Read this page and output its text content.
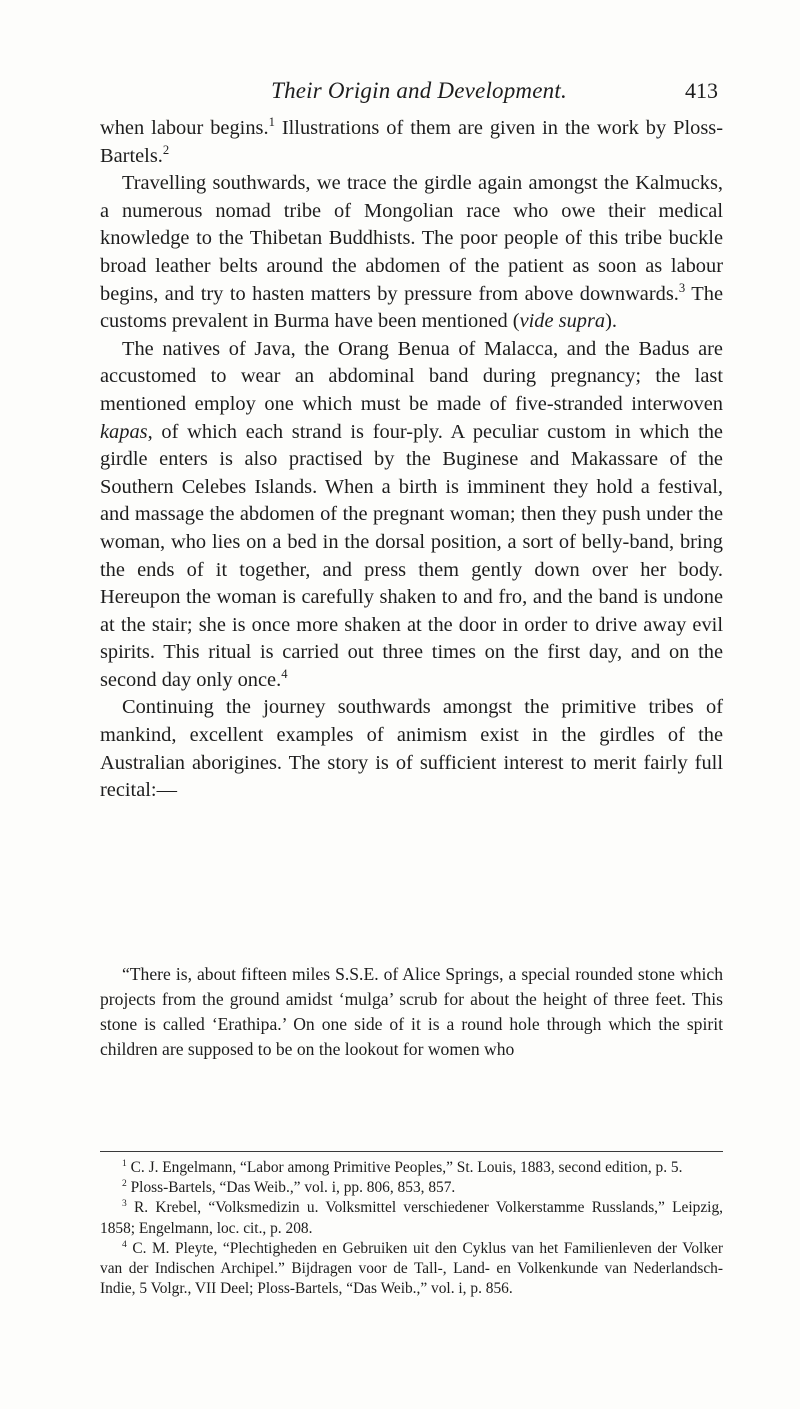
Their Origin and Development.	413

when labour begins.$^1$ Illustrations of them are given in the work by Ploss-Bartels.$^2$

Travelling southwards, we trace the girdle again amongst the Kalmucks, a numerous nomad tribe of Mongolian race who owe their medical knowledge to the Thibetan Buddhists. The poor people of this tribe buckle broad leather belts around the abdomen of the patient as soon as labour begins, and try to hasten matters by pressure from above downwards.$^3$ The customs prevalent in Burma have been mentioned (vide supra).

The natives of Java, the Orang Benua of Malacca, and the Badus are accustomed to wear an abdominal band during pregnancy; the last mentioned employ one which must be made of five-stranded interwoven kapas, of which each strand is four-ply. A peculiar custom in which the girdle enters is also practised by the Buginese and Makassare of the Southern Celebes Islands. When a birth is imminent they hold a festival, and massage the abdomen of the pregnant woman; then they push under the woman, who lies on a bed in the dorsal position, a sort of belly-band, bring the ends of it together, and press them gently down over her body. Hereupon the woman is carefully shaken to and fro, and the band is undone at the stair; she is once more shaken at the door in order to drive away evil spirits. This ritual is carried out three times on the first day, and on the second day only once.$^4$

Continuing the journey southwards amongst the primitive tribes of mankind, excellent examples of animism exist in the girdles of the Australian aborigines. The story is of sufficient interest to merit fairly full recital:—

“There is, about fifteen miles S.S.E. of Alice Springs, a special rounded stone which projects from the ground amidst ‘mulga’ scrub for about the height of three feet. This stone is called ‘Erathipa.’ On one side of it is a round hole through which the spirit children are supposed to be on the lookout for women who

$^1$ C. J. Engelmann, “Labor among Primitive Peoples,” St. Louis, 1883, second edition, p. 5.

$^2$ Ploss-Bartels, “Das Weib.,” vol. i, pp. 806, 853, 857.

$^3$ R. Krebel, “Volksmedizin u. Volksmittel verschiedener Volkerstamme Russlands,” Leipzig, 1858; Engelmann, loc. cit., p. 208.

$^4$ C. M. Pleyte, “Plechtigheden en Gebruiken uit den Cyklus van het Familienleven der Volker van der Indischen Archipel.” Bijdragen voor de Tall-, Land- en Volkenkunde van Nederlandsch-Indie, 5 Volgr., VII Deel; Ploss-Bartels, “Das Weib.,” vol. i, p. 856.
